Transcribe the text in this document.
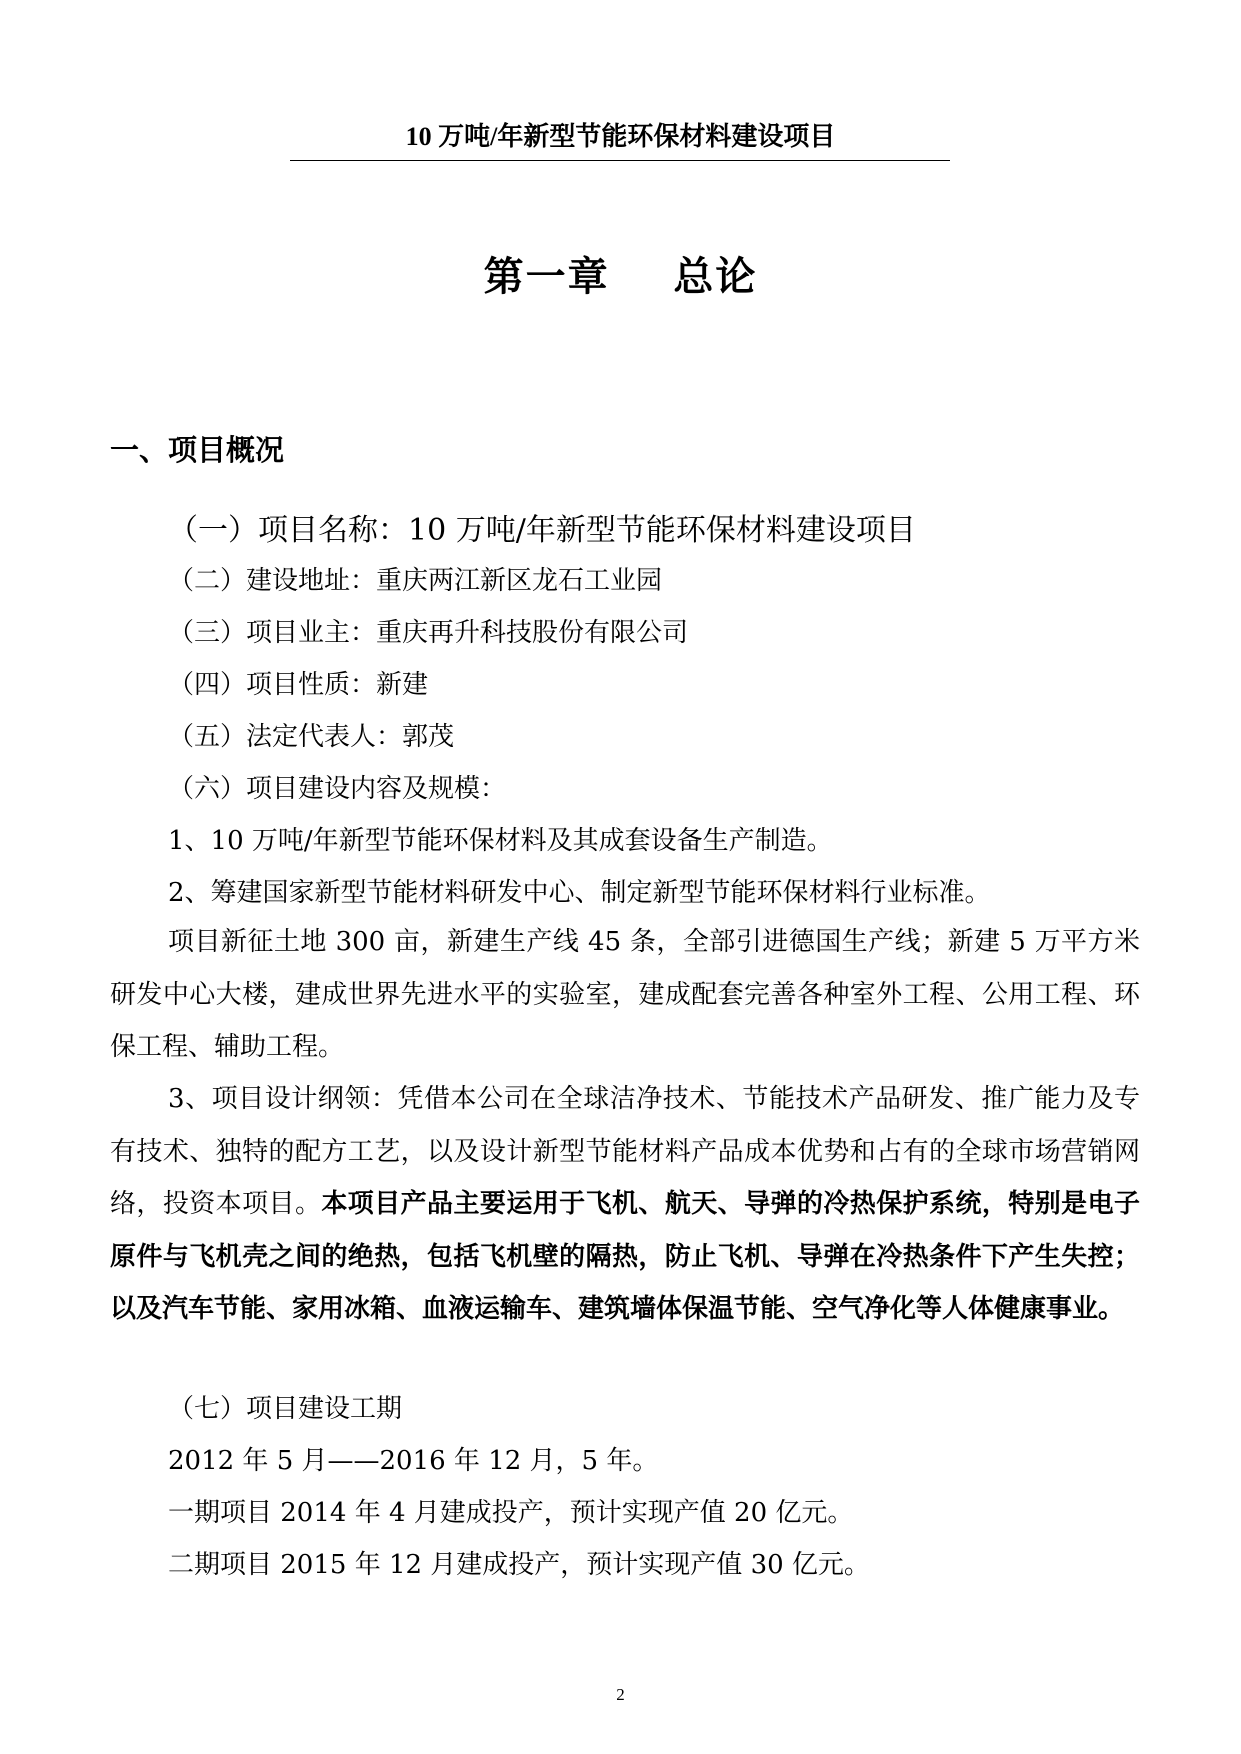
10 万吨/年新型节能环保材料建设项目
第一章    总论
一、项目概况
（一）项目名称：10 万吨/年新型节能环保材料建设项目
（二）建设地址：重庆两江新区龙石工业园
（三）项目业主：重庆再升科技股份有限公司
（四）项目性质：新建
（五）法定代表人：郭茂
（六）项目建设内容及规模：
1、10 万吨/年新型节能环保材料及其成套设备生产制造。
2、筹建国家新型节能材料研发中心、制定新型节能环保材料行业标准。

项目新征土地 300 亩，新建生产线 45 条，全部引进德国生产线；新建 5 万平方米研发中心大楼，建成世界先进水平的实验室，建成配套完善各种室外工程、公用工程、环保工程、辅助工程。

3、项目设计纲领：凭借本公司在全球洁净技术、节能技术产品研发、推广能力及专有技术、独特的配方工艺，以及设计新型节能材料产品成本优势和占有的全球市场营销网络，投资本项目。本项目产品主要运用于飞机、航天、导弹的冷热保护系统，特别是电子原件与飞机壳之间的绝热，包括飞机壁的隔热，防止飞机、导弹在冷热条件下产生失控；以及汽车节能、家用冰箱、血液运输车、建筑墙体保温节能、空气净化等人体健康事业。

（七）项目建设工期
2012 年 5 月——2016 年 12 月，5 年。
一期项目 2014 年 4 月建成投产，预计实现产值 20 亿元。
二期项目 2015 年 12 月建成投产，预计实现产值 30 亿元。
2
